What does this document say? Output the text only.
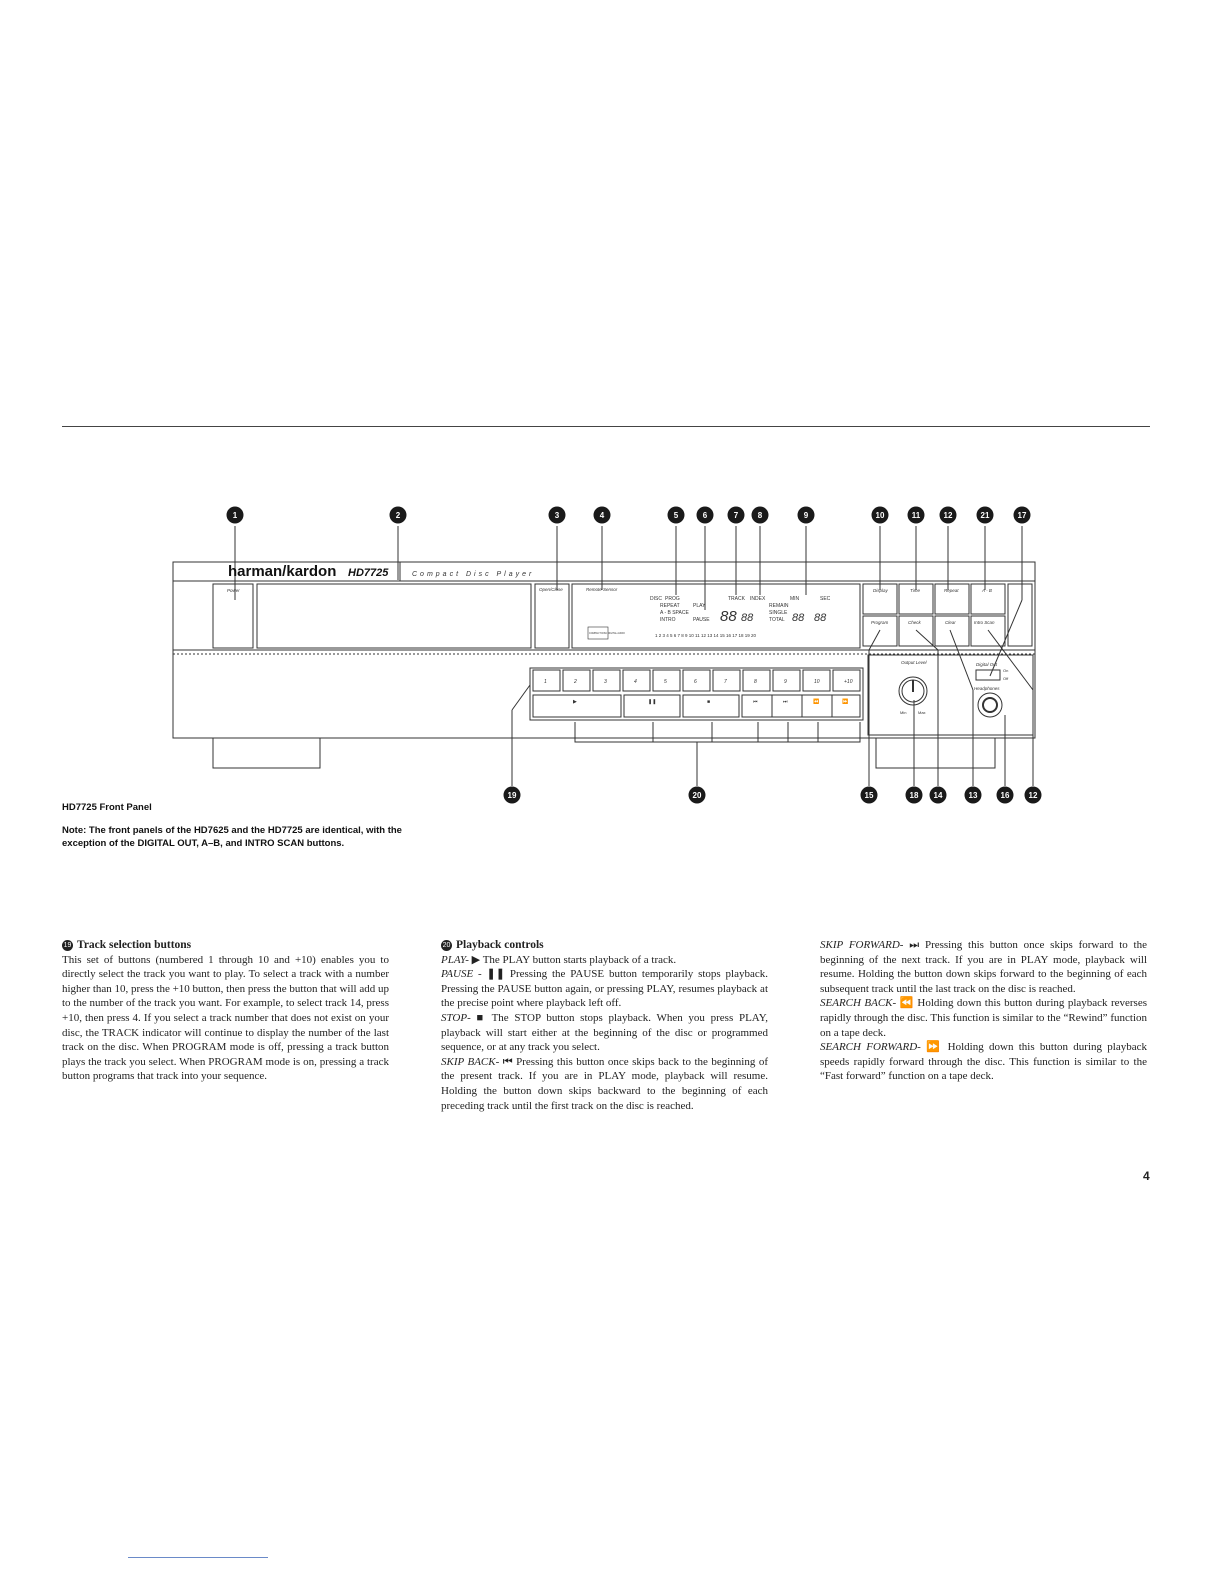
1	2	3	4	5	6	7	8	9	10	+10
▶	❚❚	■	⏮	⏭	⏪	⏩
harman/kardon HD7725	Compact Disc Player
Power	Open/Close	Remote Sensor	Display	Time	Repeat	A - B
Program	Check	Clear	Intro Scan
Output Level	Digital Out
On
Off
Headphones
Min	Max
DISC PROG	TRACK INDEX	MIN	SEC
REPEAT	PLAY	REMAIN
A - B SPACE	SINGLE
INTRO	PAUSE	TOTAL
1 2 3 4 5 6 7 8 9 10 11 12 13 14 15 16 17 18 19 20
88 88	88 88
COMPACT DISC DIGITAL AUDIO
1	2	3	4	5	6	7 8	9	10	11	12	21	17
19	20	15	18 14	13	16 12
HD7725 Front Panel
Note: The front panels of the HD7625 and the HD7725 are identical, with the exception of the DIGITAL OUT, A–B, and INTRO SCAN buttons.

19 Track selection buttons

This set of buttons (numbered 1 through 10 and +10) enables you to directly select the track you want to play. To select a track with a number higher than 10, press the +10 button, then press the button that will add up to the number of the track you want. For example, to select track 14, press +10, then press 4. If you select a track number that does not exist on your disc, the TRACK indicator will continue to display the number of the last track on the disc. When PROGRAM mode is off, pressing a track button plays the track you select. When PROGRAM mode is on, pressing a track button programs that track into your sequence.

20 Playback controls

PLAY- ▶ The PLAY button starts playback of a track.

PAUSE - ❚❚ Pressing the PAUSE button temporarily stops playback. Pressing the PAUSE button again, or pressing PLAY, resumes playback at the precise point where playback left off.

STOP- ■ The STOP button stops playback. When you press PLAY, playback will start either at the beginning of the disc or programmed sequence, or at any track you select.

SKIP BACK- ⏮ Pressing this button once skips back to the beginning of the present track. If you are in PLAY mode, playback will resume. Holding the button down skips backward to the beginning of each preceding track until the first track on the disc is reached.

SKIP FORWARD- ⏭ Pressing this button once skips forward to the beginning of the next track. If you are in PLAY mode, playback will resume. Holding the button down skips forward to the beginning of each subsequent track until the last track on the disc is reached.

SEARCH BACK- ⏪ Holding down this button during playback reverses rapidly through the disc. This function is similar to the “Rewind” function on a tape deck.

SEARCH FORWARD- ⏩ Holding down this button during playback speeds rapidly forward through the disc. This function is similar to the “Fast forward” function on a tape deck.

4
